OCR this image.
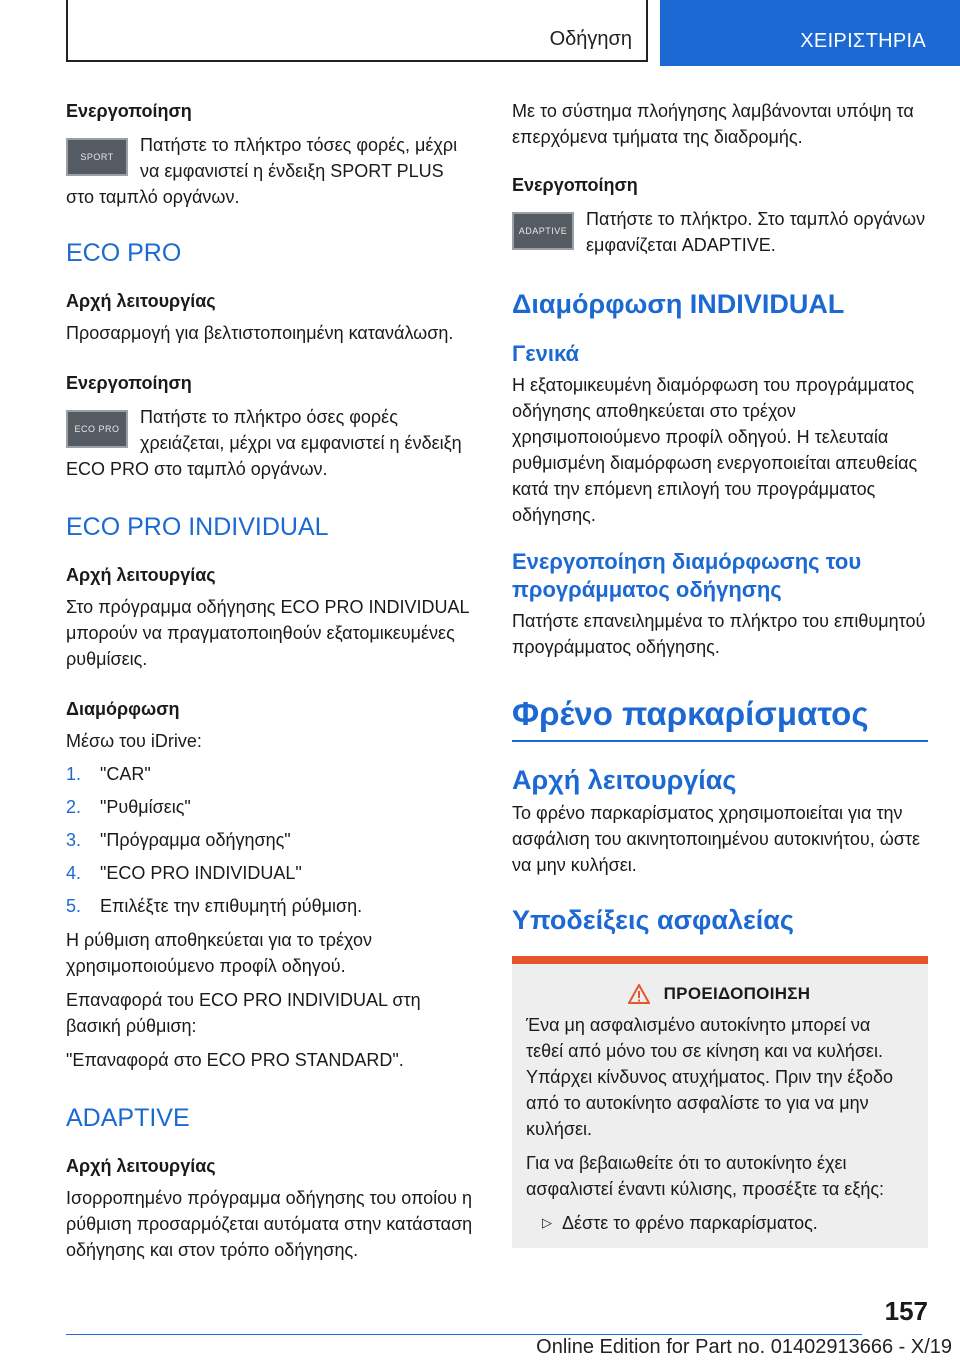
Οδήγηση	ΧΕΙΡΙΣΤΗΡΙΑ

Ενεργοποίηση

SPORT

Πατήστε το πλήκτρο τόσες φορές, μέχρι να εμφανιστεί η ένδειξη SPORT PLUS

στο ταμπλό οργάνων.

ECO PRO

Αρχή λειτουργίας

Προσαρμογή για βελτιστοποιημένη κατανάλωση.

Ενεργοποίηση

ECO PRO

Πατήστε το πλήκτρο όσες φορές χρειάζεται, μέχρι να εμφανιστεί η ένδειξη

ECO PRO στο ταμπλό οργάνων.

ECO PRO INDIVIDUAL

Αρχή λειτουργίας

Στο πρόγραμμα οδήγησης ECO PRO INDIVIDUAL μπορούν να πραγματοποιηθούν εξατομικευμένες ρυθμίσεις.

Διαμόρφωση

Μέσω του iDrive:

1. "CAR"
2. "Ρυθμίσεις"
3. "Πρόγραμμα οδήγησης"
4. "ECO PRO INDIVIDUAL"
5. Επιλέξτε την επιθυμητή ρύθμιση.

Η ρύθμιση αποθηκεύεται για το τρέχον χρησιμοποιούμενο προφίλ οδηγού.

Επαναφορά του ECO PRO INDIVIDUAL στη βασική ρύθμιση:

"Επαναφορά στο ECO PRO STANDARD".

ADAPTIVE

Αρχή λειτουργίας

Ισορροπημένο πρόγραμμα οδήγησης του οποίου η ρύθμιση προσαρμόζεται αυτόματα στην κατάσταση οδήγησης και στον τρόπο οδήγησης.

Με το σύστημα πλοήγησης λαμβάνονται υπόψη τα επερχόμενα τμήματα της διαδρομής.

Ενεργοποίηση

ADAPTIVE

Πατήστε το πλήκτρο. Στο ταμπλό οργάνων εμφανίζεται ADAPTIVE.

Διαμόρφωση INDIVIDUAL

Γενικά

Η εξατομικευμένη διαμόρφωση του προγράμματος οδήγησης αποθηκεύεται στο τρέχον χρησιμοποιούμενο προφίλ οδηγού. Η τελευταία ρυθμισμένη διαμόρφωση ενεργοποιείται απευθείας κατά την επόμενη επιλογή του προγράμματος οδήγησης.

Ενεργοποίηση διαμόρφωσης του προγράμματος οδήγησης

Πατήστε επανειλημμένα το πλήκτρο του επιθυμητού προγράμματος οδήγησης.

Φρένο παρκαρίσματος

Αρχή λειτουργίας

Το φρένο παρκαρίσματος χρησιμοποιείται για την ασφάλιση του ακινητοποιημένου αυτοκινήτου, ώστε να μην κυλήσει.

Υποδείξεις ασφαλείας

ΠΡΟΕΙΔΟΠΟΙΗΣΗ

Ένα μη ασφαλισμένο αυτοκίνητο μπορεί να τεθεί από μόνο του σε κίνηση και να κυλήσει. Υπάρχει κίνδυνος ατυχήματος. Πριν την έξοδο από το αυτοκίνητο ασφαλίστε το για να μην κυλήσει.

Για να βεβαιωθείτε ότι το αυτοκίνητο έχει ασφαλιστεί έναντι κύλισης, προσέξτε τα εξής:

▷ Δέστε το φρένο παρκαρίσματος.

157
Online Edition for Part no. 01402913666 - X/19
